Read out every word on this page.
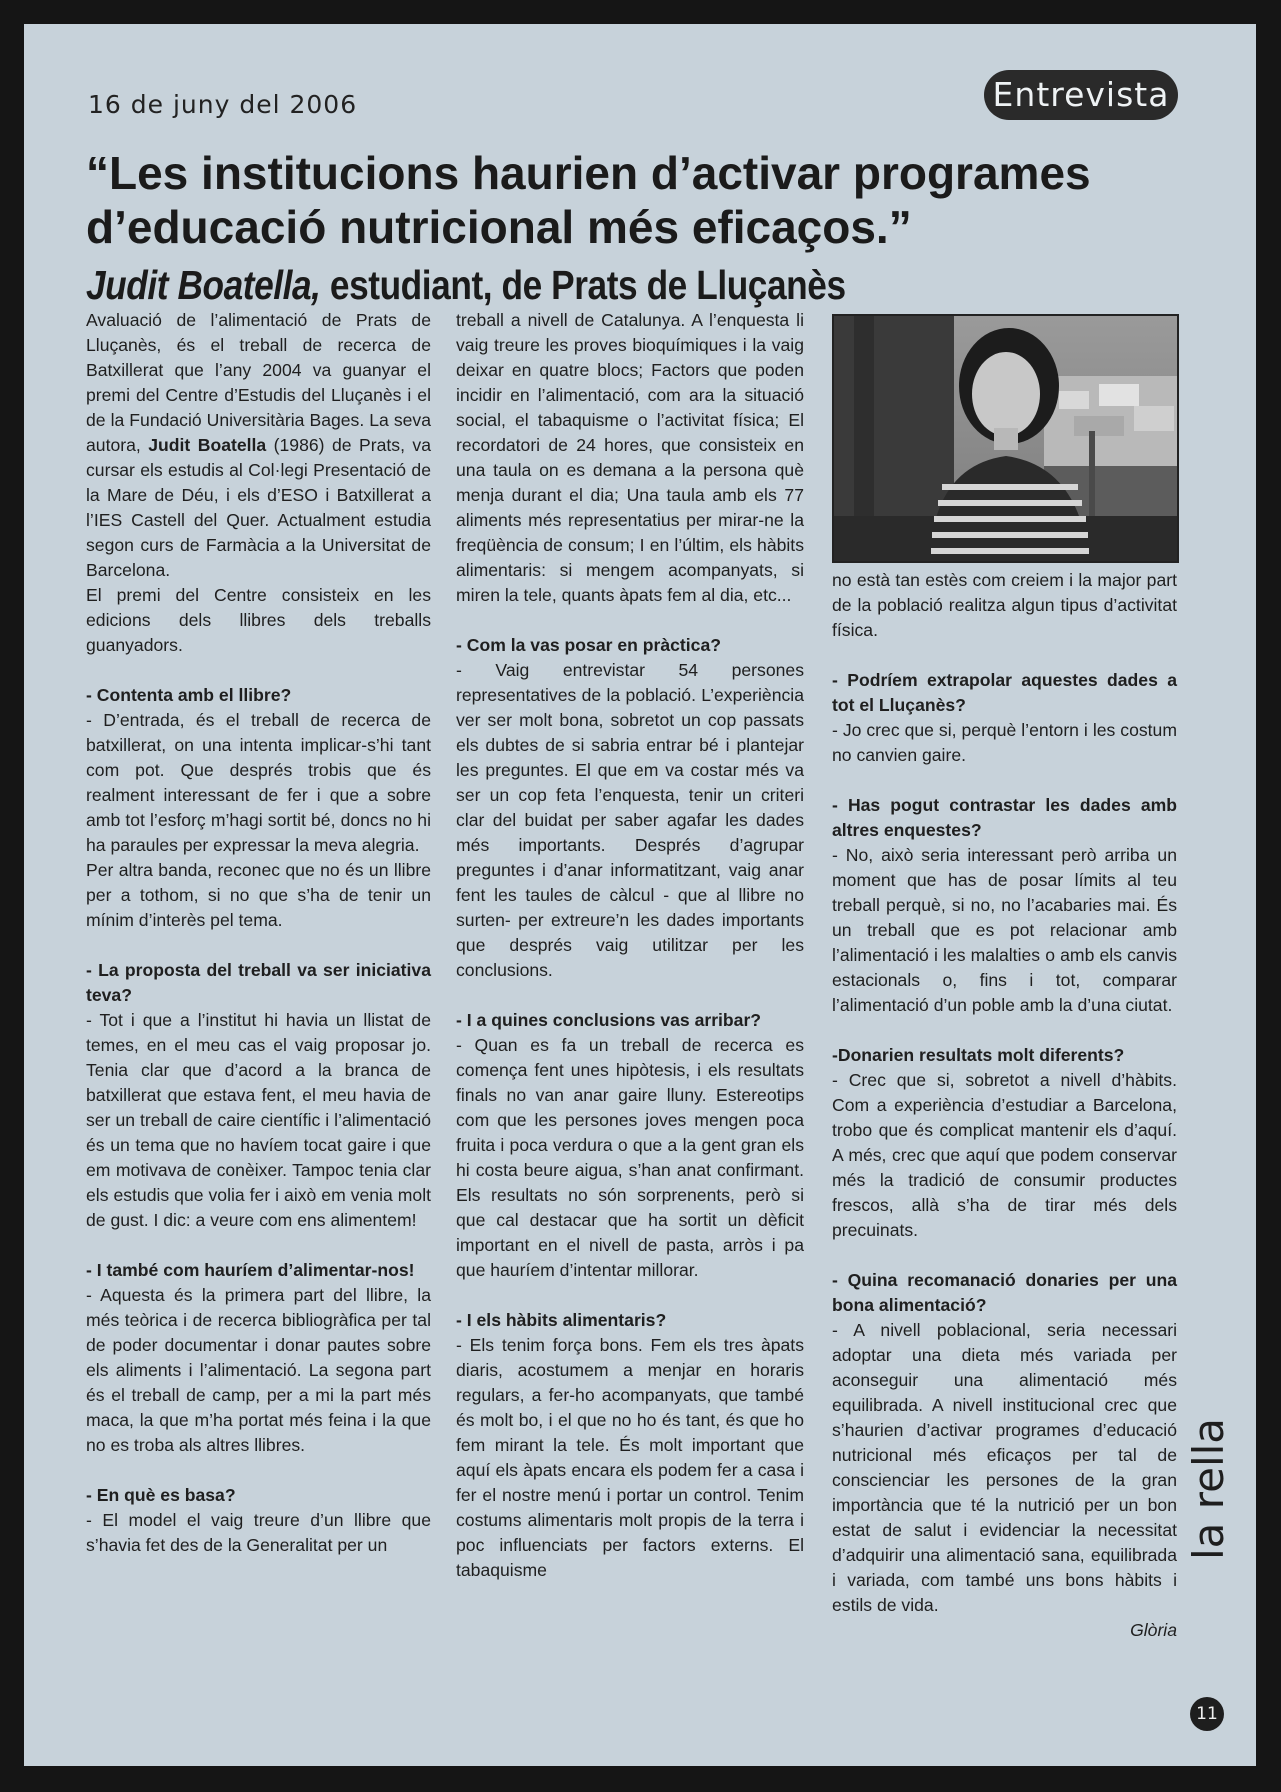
16 de juny del 2006	Entrevista
“Les institucions haurien d’activar programes
d’educació nutricional més eficaços.”
Judit Boatella, estudiant, de Prats de Lluçanès

Avaluació de l’alimentació de Prats de Lluçanès, és el treball de recerca de Batxillerat que l’any 2004 va guanyar el premi del Centre d’Estudis del Lluçanès i el de la Fundació Universitària Bages. La seva autora, Judit Boatella (1986) de Prats, va cursar els estudis al Col·legi Presentació de la Mare de Déu, i els d’ESO i Batxillerat a l’IES Castell del Quer. Actualment estudia segon curs de Farmàcia a la Universitat de Barcelona.

El premi del Centre consisteix en les edicions dels llibres dels treballs guanyadors.

- Contenta amb el llibre?

- D’entrada, és el treball de recerca de batxillerat, on una intenta implicar-s’hi tant com pot. Que després trobis que és realment interessant de fer i que a sobre amb tot l’esforç m’hagi sortit bé, doncs no hi ha paraules per expressar la meva alegria.

Per altra banda, reconec que no és un llibre per a tothom, si no que s’ha de tenir un mínim d’interès pel tema.

- La proposta del treball va ser iniciativa teva?

- Tot i que a l’institut hi havia un llistat de temes, en el meu cas el vaig proposar jo. Tenia clar que d’acord a la branca de batxillerat que estava fent, el meu havia de ser un treball de caire científic i l’alimentació és un tema que no havíem tocat gaire i que em motivava de conèixer. Tampoc tenia clar els estudis que volia fer i això em venia molt de gust. I dic: a veure com ens alimentem!

- I també com hauríem d’alimentar-nos!

- Aquesta és la primera part del llibre, la més teòrica i de recerca bibliogràfica per tal de poder documentar i donar pautes sobre els aliments i l’alimentació. La segona part és el treball de camp, per a mi la part més maca, la que m’ha portat més feina i la que no es troba als altres llibres.

- En què es basa?

- El model el vaig treure d’un llibre que s’havia fet des de la Generalitat per un

treball a nivell de Catalunya. A l’enquesta li vaig treure les proves bioquímiques i la vaig deixar en quatre blocs; Factors que poden incidir en l’alimentació, com ara la situació social, el tabaquisme o l’activitat física; El recordatori de 24 hores, que consisteix en una taula on es demana a la persona què menja durant el dia; Una taula amb els 77 aliments més representatius per mirar-ne la freqüència de consum; I en l’últim, els hàbits alimentaris: si mengem acompanyats, si miren la tele, quants àpats fem al dia, etc...

- Com la vas posar en pràctica?

- Vaig entrevistar 54 persones representatives de la població. L’experiència ver ser molt bona, sobretot un cop passats els dubtes de si sabria entrar bé i plantejar les preguntes. El que em va costar més va ser un cop feta l’enquesta, tenir un criteri clar del buidat per saber agafar les dades més importants. Després d’agrupar preguntes i d’anar informatitzant, vaig anar fent les taules de càlcul - que al llibre no surten- per extreure’n les dades importants que després vaig utilitzar per les conclusions.

- I a quines conclusions vas arribar?

- Quan es fa un treball de recerca es comença fent unes hipòtesis, i els resultats finals no van anar gaire lluny. Estereotips com que les persones joves mengen poca fruita i poca verdura o que a la gent gran els hi costa beure aigua, s’han anat confirmant. Els resultats no són sorprenents, però si que cal destacar que ha sortit un dèficit important en el nivell de pasta, arròs i pa que hauríem d’intentar millorar.

- I els hàbits alimentaris?

- Els tenim força bons. Fem els tres àpats diaris, acostumem a menjar en horaris regulars, a fer-ho acompanyats, que també és molt bo, i el que no ho és tant, és que ho fem mirant la tele. És molt important que aquí els àpats encara els podem fer a casa i fer el nostre menú i portar un control. Tenim costums alimentaris molt propis de la terra i poc influenciats per factors externs. El tabaquisme

no està tan estès com creiem i la major part de la població realitza algun tipus d’activitat física.

- Podríem extrapolar aquestes dades a tot el Lluçanès?

- Jo crec que si, perquè l’entorn i les costum no canvien gaire.

- Has pogut contrastar les dades amb altres enquestes?

- No, això seria interessant però arriba un moment que has de posar límits al teu treball perquè, si no, no l’acabaries mai. És un treball que es pot relacionar amb l’alimentació i les malalties o amb els canvis estacionals o, fins i tot, comparar l’alimentació d’un poble amb la d’una ciutat.

-Donarien resultats molt diferents?

- Crec que si, sobretot a nivell d’hàbits. Com a experiència d’estudiar a Barcelona, trobo que és complicat mantenir els d’aquí. A més, crec que aquí que podem conservar més la tradició de consumir productes frescos, allà s’ha de tirar més dels precuinats.

- Quina recomanació donaries per una bona alimentació?

- A nivell poblacional, seria necessari adoptar una dieta més variada per aconseguir una alimentació més equilibrada. A nivell institucional crec que s’haurien d’activar programes d’educació nutricional més eficaços per tal de conscienciar les persones de la gran importància que té la nutrició per un bon estat de salut i evidenciar la necessitat d’adquirir una alimentació sana, equilibrada i variada, com també uns bons hàbits i estils de vida.

Glòria

la rella
11
